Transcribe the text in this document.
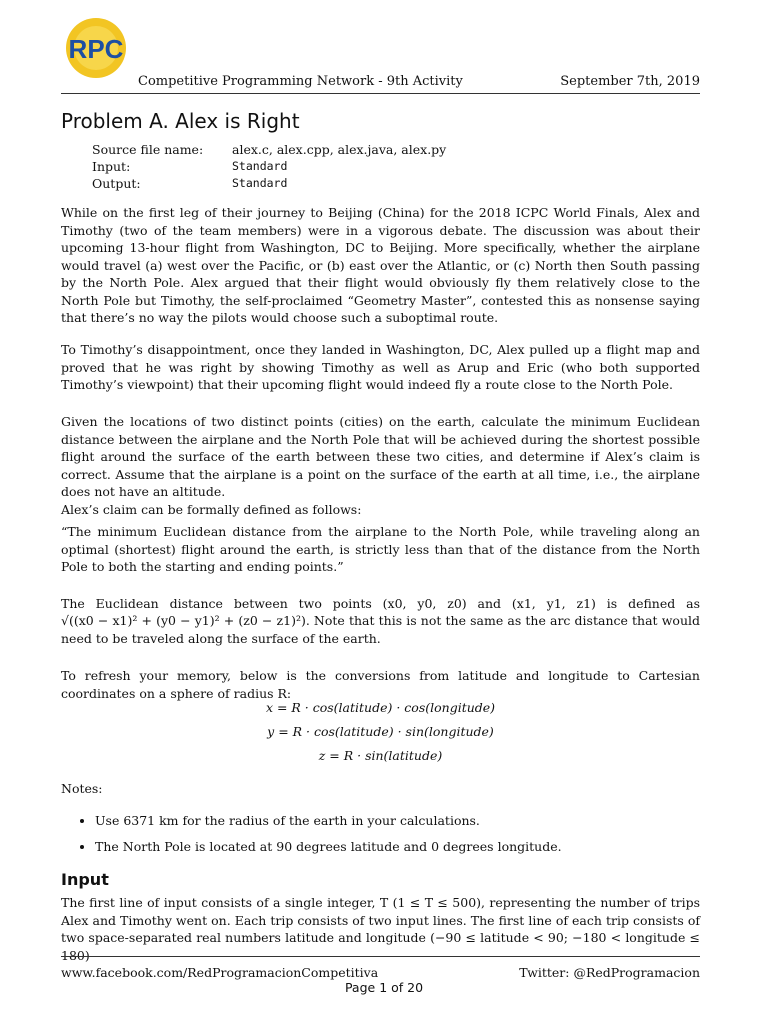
RPC
Competitive Programming Network - 9th Activity	September 7th, 2019
Problem A. Alex is Right
Source file name:	alex.c, alex.cpp, alex.java, alex.py
Input:	Standard
Output:	Standard

While on the first leg of their journey to Beijing (China) for the 2018 ICPC World Finals, Alex and Timothy (two of the team members) were in a vigorous debate. The discussion was about their upcoming 13-hour flight from Washington, DC to Beijing. More specifically, whether the airplane would travel (a) west over the Pacific, or (b) east over the Atlantic, or (c) North then South passing by the North Pole. Alex argued that their flight would obviously fly them relatively close to the North Pole but Timothy, the self-proclaimed “Geometry Master”, contested this as nonsense saying that there’s no way the pilots would choose such a suboptimal route.

To Timothy’s disappointment, once they landed in Washington, DC, Alex pulled up a flight map and proved that he was right by showing Timothy as well as Arup and Eric (who both supported Timothy’s viewpoint) that their upcoming flight would indeed fly a route close to the North Pole.

Given the locations of two distinct points (cities) on the earth, calculate the minimum Euclidean distance between the airplane and the North Pole that will be achieved during the shortest possible flight around the surface of the earth between these two cities, and determine if Alex’s claim is correct. Assume that the airplane is a point on the surface of the earth at all time, i.e., the airplane does not have an altitude.

Alex’s claim can be formally defined as follows:

“The minimum Euclidean distance from the airplane to the North Pole, while traveling along an optimal (shortest) flight around the earth, is strictly less than that of the distance from the North Pole to both the starting and ending points.”

The Euclidean distance between two points (x0, y0, z0) and (x1, y1, z1) is defined as

√((x0 − x1)² + (y0 − y1)² + (z0 − z1)²). Note that this is not the same as the arc distance that would need to be traveled along the surface of the earth.

To refresh your memory, below is the conversions from latitude and longitude to Cartesian coordinates on a sphere of radius R:

x = R · cos(latitude) · cos(longitude)
y = R · cos(latitude) · sin(longitude)
z = R · sin(latitude)

Notes:

• Use 6371 km for the radius of the earth in your calculations.
• The North Pole is located at 90 degrees latitude and 0 degrees longitude.
Input

The first line of input consists of a single integer, T (1 ≤ T ≤ 500), representing the number of trips Alex and Timothy went on. Each trip consists of two input lines. The first line of each trip consists of two space-separated real numbers latitude and longitude (−90 ≤ latitude < 90; −180 < longitude ≤ 180)

www.facebook.com/RedProgramacionCompetitiva	Twitter: @RedProgramacion
Page 1 of 20
